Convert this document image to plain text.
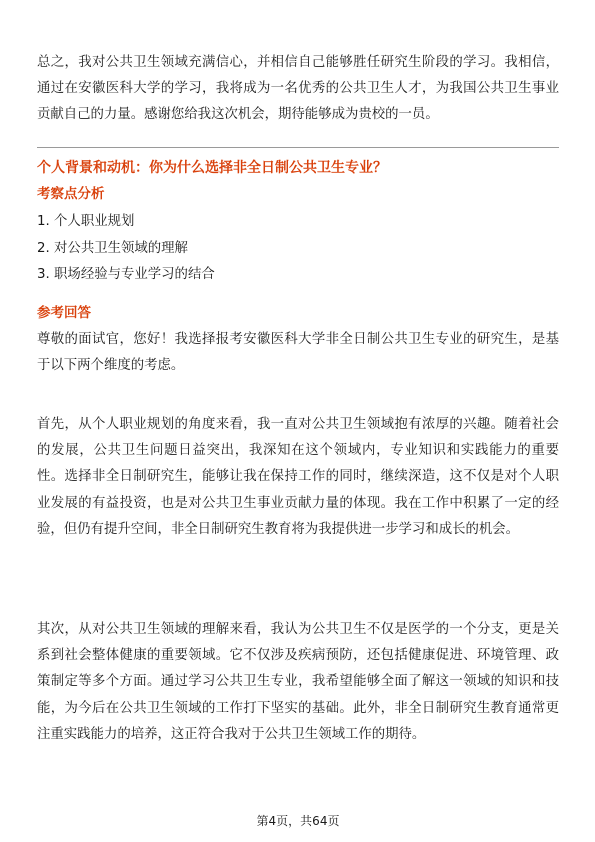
总之，我对公共卫生领域充满信心，并相信自己能够胜任研究生阶段的学习。我相信，通过在安徽医科大学的学习，我将成为一名优秀的公共卫生人才，为我国公共卫生事业贡献自己的力量。感谢您给我这次机会，期待能够成为贵校的一员。

个人背景和动机：你为什么选择非全日制公共卫生专业？
考察点分析
1. 个人职业规划
2. 对公共卫生领域的理解
3. 职场经验与专业学习的结合
参考回答

尊敬的面试官，您好！我选择报考安徽医科大学非全日制公共卫生专业的研究生，是基于以下两个维度的考虑。

首先，从个人职业规划的角度来看，我一直对公共卫生领域抱有浓厚的兴趣。随着社会的发展，公共卫生问题日益突出，我深知在这个领域内，专业知识和实践能力的重要性。选择非全日制研究生，能够让我在保持工作的同时，继续深造，这不仅是对个人职业发展的有益投资，也是对公共卫生事业贡献力量的体现。我在工作中积累了一定的经验，但仍有提升空间，非全日制研究生教育将为我提供进一步学习和成长的机会。

其次，从对公共卫生领域的理解来看，我认为公共卫生不仅是医学的一个分支，更是关系到社会整体健康的重要领域。它不仅涉及疾病预防，还包括健康促进、环境管理、政策制定等多个方面。通过学习公共卫生专业，我希望能够全面了解这一领域的知识和技能，为今后在公共卫生领域的工作打下坚实的基础。此外，非全日制研究生教育通常更注重实践能力的培养，这正符合我对于公共卫生领域工作的期待。

第4页，共64页
